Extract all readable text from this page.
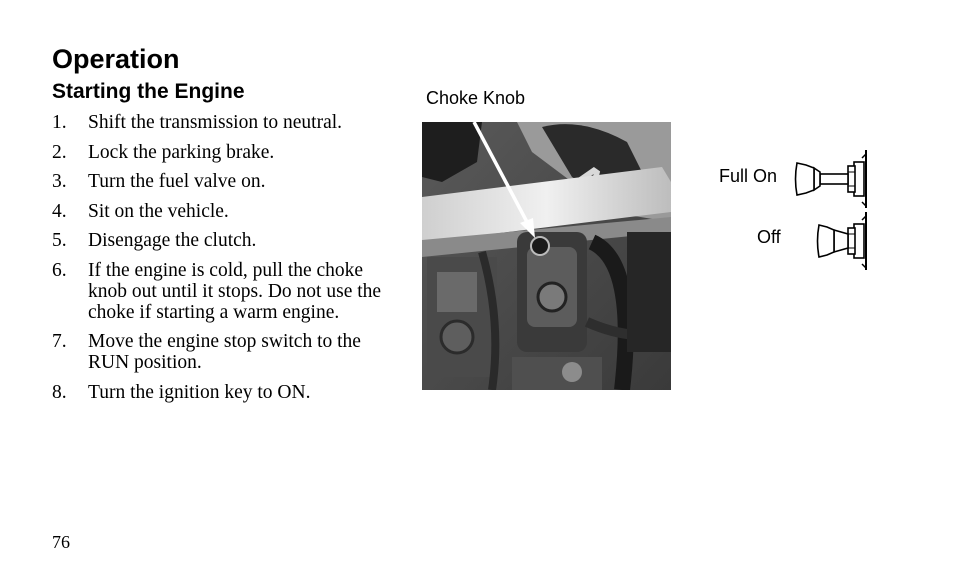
Operation
Starting the Engine
1. Shift the transmission to neutral.
2. Lock the parking brake.
3. Turn the fuel valve on.
4. Sit on the vehicle.
5. Disengage the clutch.
6. If the engine is cold, pull the choke knob out until it stops. Do not use the choke if starting a warm engine.
7. Move the engine stop switch to the RUN position.
8. Turn the ignition key to ON.
Choke Knob
Full On
Off
76
